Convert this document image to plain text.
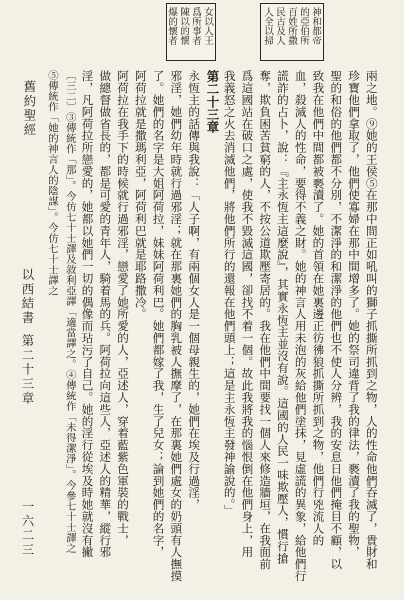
女以人王
爲所事者
陳以的懷
爆的懷者	神和都帝
的亞伯所
百姓所撒
民古及人
人全以掃
舊約聖經
以西結書
第二十三章
一六二三	兩之地。⑨她的王侯⑤在那中間正如吼叫的獅子抓撕所抓到之物，人的性命他們吞滅了，貴財和
珍寶他們拿取了，他們使寡婦在那中間增多了。她的祭司違背了我的律法，褻瀆了我的聖物，
聖的和俗的他們都不分別，不潔淨的和潔淨的他們也不使人分辨，我的安息日他們掩目不顧，以
致我在他們中間都被褻瀆了。她的首領在她裏邊正彷彿狼抓撕所抓到之物，他們行兇流人的
血，殺滅人的性命，要得不義之財。她的神言人用未泡的灰給他們塗抹，見虛謊的異象，給他們行
謊詐的占卜，說：『主永恆主這麼說』，其實永恆主並沒有說。這國的人民一味欺壓人，慣行搶
奪，欺負困苦貧窮的人，不按公道欺壓寄居的。我在他們中間要找一個人來修造牆垣，在我面前
爲這國站在破口之處，使我不毀滅這國，卻找不着一個。故此我將我的惱恨倒在他們身上，用
我義怒之火去消滅他們，將他們所行的還報在他們頭上；這是主永恆主發神諭說的。」
第二十三章
永恆主的話傳與我說：「人子啊，有兩個女人是一個母親生的，她們在埃及行過淫，
邪淫，她們幼年時就行過邪淫；就在那裏她們的胸乳被人撫摩了，在那裏她們處女的奶頭有人撫摸
了。她們的名字是大姐阿荷拉，妹妹阿荷利巴。她們都嫁了我，生了兒女；論到她們的名字，
阿荷拉就是撒瑪利亞，阿荷利巴就是耶路撒冷。
阿荷拉在我手下的時候就行過邪淫，戀愛了她所愛的人，亞述人，穿着藍紫色軍裝的戰士，
做總督做省長的，都是可愛的青年人，騎着馬的兵。阿荷拉向這些人，亞述人的精華，縱行邪
淫，凡阿荷拉所戀愛的，她都以她們一切的偶像而玷污了自己。她的淫行從埃及時她就沒有撇
〔三二〕③傳統作「那」。今仿七十士譯及敘利亞譯「適當譯之。④傳統作「未得潔淨」。今參七十士譯之
⑤傳統作「她的神言人的陰謀」。今仿七十士譯之
